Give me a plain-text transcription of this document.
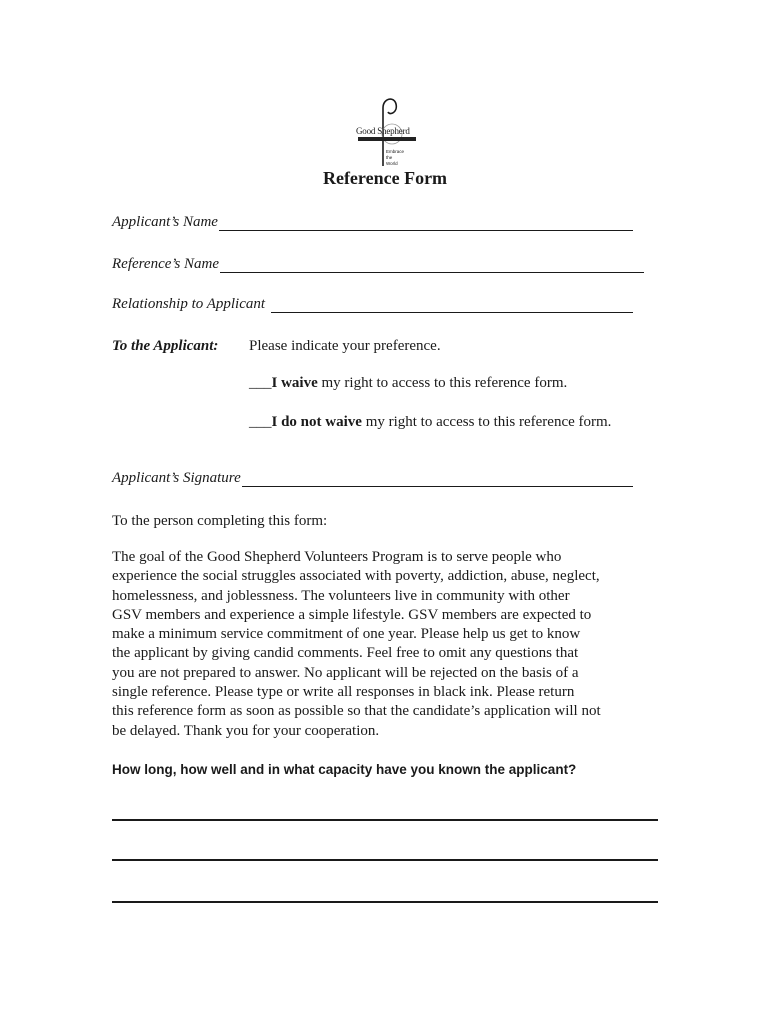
Good Shepherd
Embrace
the
World
Reference Form
Applicant’s Name
Reference’s Name
Relationship to Applicant
To the Applicant: Please indicate your preference.
___I waive my right to access to this reference form.
___I do not waive my right to access to this reference form.
Applicant’s Signature
To the person completing this form:
The goal of the Good Shepherd Volunteers Program is to serve people who
experience the social struggles associated with poverty, addiction, abuse, neglect,
homelessness, and joblessness. The volunteers live in community with other
GSV members and experience a simple lifestyle. GSV members are expected to
make a minimum service commitment of one year. Please help us get to know
the applicant by giving candid comments. Feel free to omit any questions that
you are not prepared to answer. No applicant will be rejected on the basis of a
single reference. Please type or write all responses in black ink. Please return
this reference form as soon as possible so that the candidate’s application will not
be delayed. Thank you for your cooperation.
How long, how well and in what capacity have you known the applicant?
